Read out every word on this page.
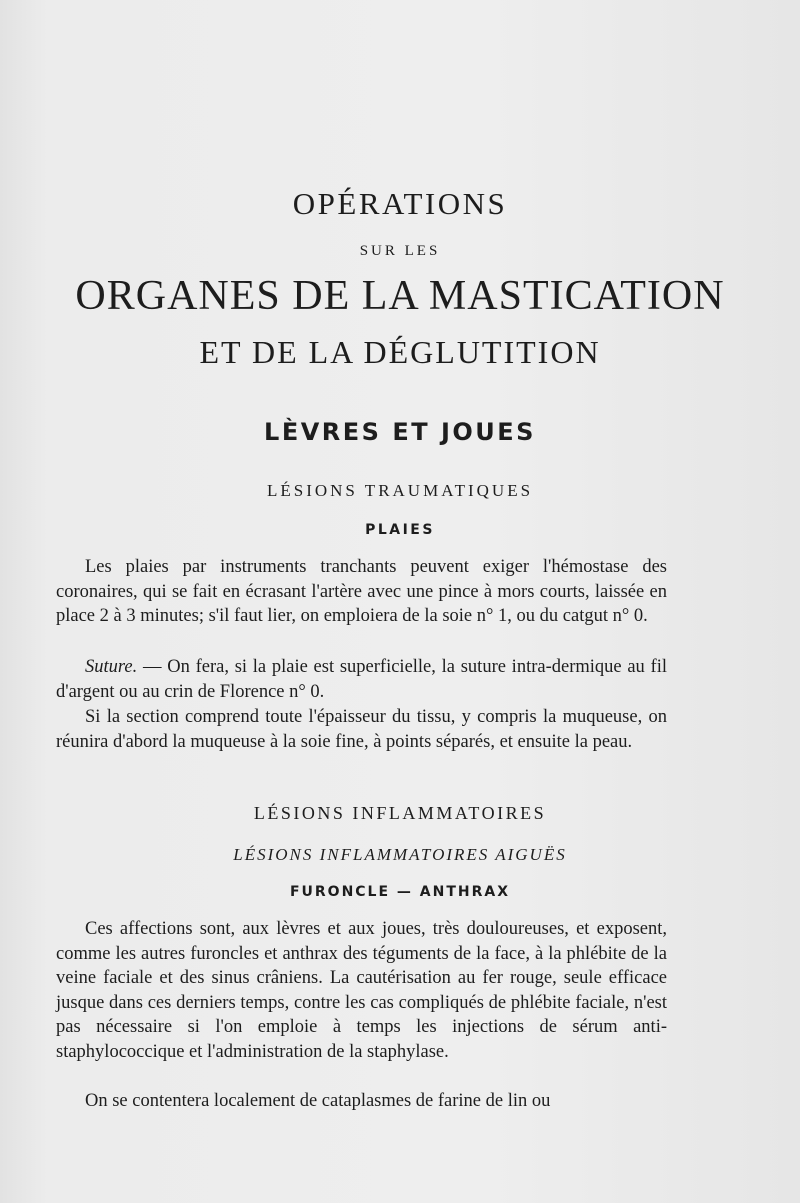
OPÉRATIONS
SUR LES
ORGANES DE LA MASTICATION
ET DE LA DÉGLUTITION
LÈVRES ET JOUES
LÉSIONS TRAUMATIQUES
PLAIES

Les plaies par instruments tranchants peuvent exiger l'hémostase des coronaires, qui se fait en écrasant l'artère avec une pince à mors courts, laissée en place 2 à 3 minutes; s'il faut lier, on emploiera de la soie n° 1, ou du catgut n° 0.

Suture. — On fera, si la plaie est superficielle, la suture intra-dermique au fil d'argent ou au crin de Florence n° 0.

Si la section comprend toute l'épaisseur du tissu, y compris la muqueuse, on réunira d'abord la muqueuse à la soie fine, à points séparés, et ensuite la peau.

LÉSIONS INFLAMMATOIRES
LÉSIONS INFLAMMATOIRES AIGUËS
FURONCLE — ANTHRAX

Ces affections sont, aux lèvres et aux joues, très douloureuses, et exposent, comme les autres furoncles et anthrax des téguments de la face, à la phlébite de la veine faciale et des sinus crâniens. La cautérisation au fer rouge, seule efficace jusque dans ces derniers temps, contre les cas compliqués de phlébite faciale, n'est pas nécessaire si l'on emploie à temps les injections de sérum anti-staphylococcique et l'administration de la staphylase.

On se contentera localement de cataplasmes de farine de lin ou
